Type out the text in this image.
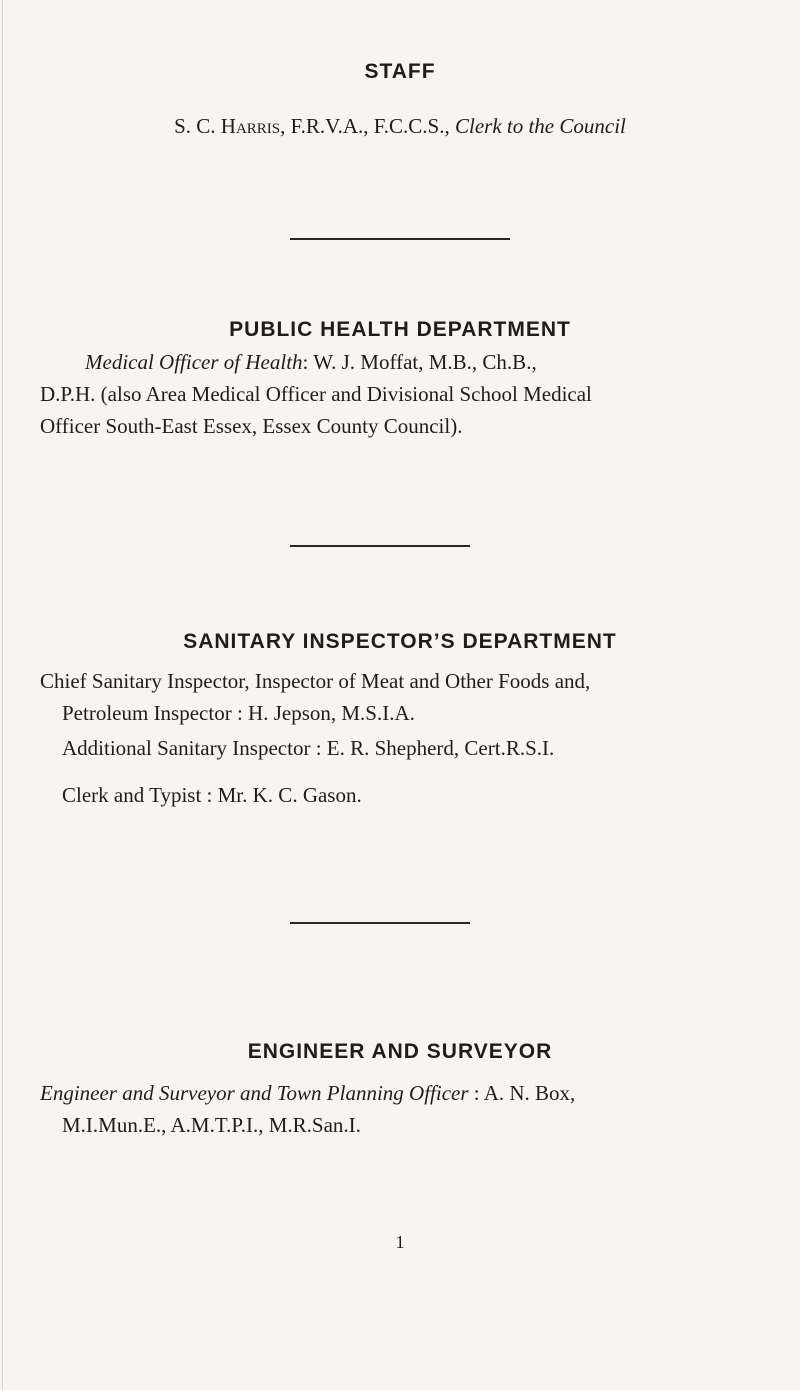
STAFF
S. C. Harris, F.R.V.A., F.C.C.S., Clerk to the Council
PUBLIC HEALTH DEPARTMENT
Medical Officer of Health: W. J. Moffat, M.B., Ch.B.,
D.P.H. (also Area Medical Officer and Divisional School Medical
Officer South-East Essex, Essex County Council).
SANITARY INSPECTOR’S DEPARTMENT
Chief Sanitary Inspector, Inspector of Meat and Other Foods and,
Petroleum Inspector : H. Jepson, M.S.I.A.
Additional Sanitary Inspector : E. R. Shepherd, Cert.R.S.I.
Clerk and Typist : Mr. K. C. Gason.
ENGINEER AND SURVEYOR
Engineer and Surveyor and Town Planning Officer : A. N. Box,
M.I.Mun.E., A.M.T.P.I., M.R.San.I.
1
